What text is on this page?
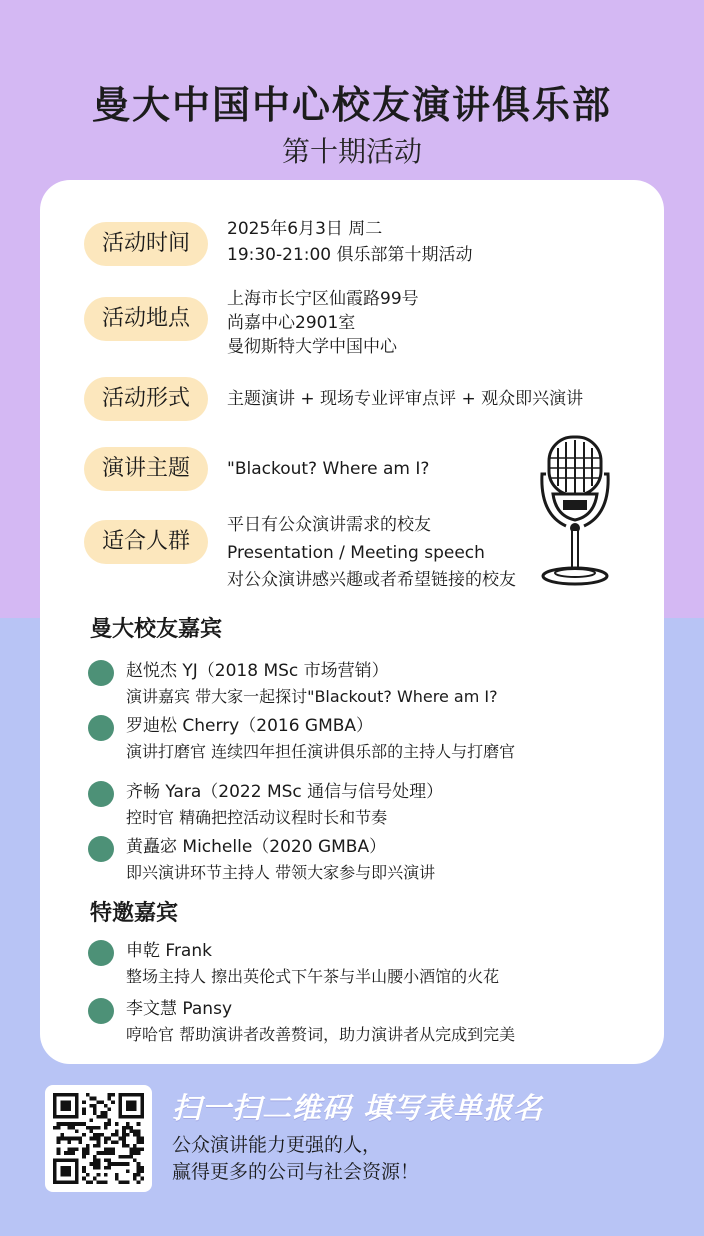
曼大中国中心校友演讲俱乐部
第十期活动
活动时间
2025年6月3日 周二
19:30-21:00 俱乐部第十期活动
活动地点
上海市长宁区仙霞路99号
尚嘉中心2901室
曼彻斯特大学中国中心
活动形式	主题演讲 + 现场专业评审点评 + 观众即兴演讲
演讲主题	"Blackout? Where am I?
适合人群
平日有公众演讲需求的校友
Presentation / Meeting speech
对公众演讲感兴趣或者希望链接的校友
曼大校友嘉宾
赵悦杰 YJ（2018 MSc 市场营销）
演讲嘉宾 带大家一起探讨"Blackout? Where am I?
罗迪松 Cherry（2016 GMBA）
演讲打磨官 连续四年担任演讲俱乐部的主持人与打磨官
齐畅 Yara（2022 MSc 通信与信号处理）
控时官 精确把控活动议程时长和节奏
黄矗宓 Michelle（2020 GMBA）
即兴演讲环节主持人 带领大家参与即兴演讲
特邀嘉宾
申乾 Frank
整场主持人 擦出英伦式下午茶与半山腰小酒馆的火花
李文慧 Pansy
哼哈官 帮助演讲者改善赘词，助力演讲者从完成到完美
扫一扫二维码 填写表单报名
公众演讲能力更强的人，
赢得更多的公司与社会资源！
